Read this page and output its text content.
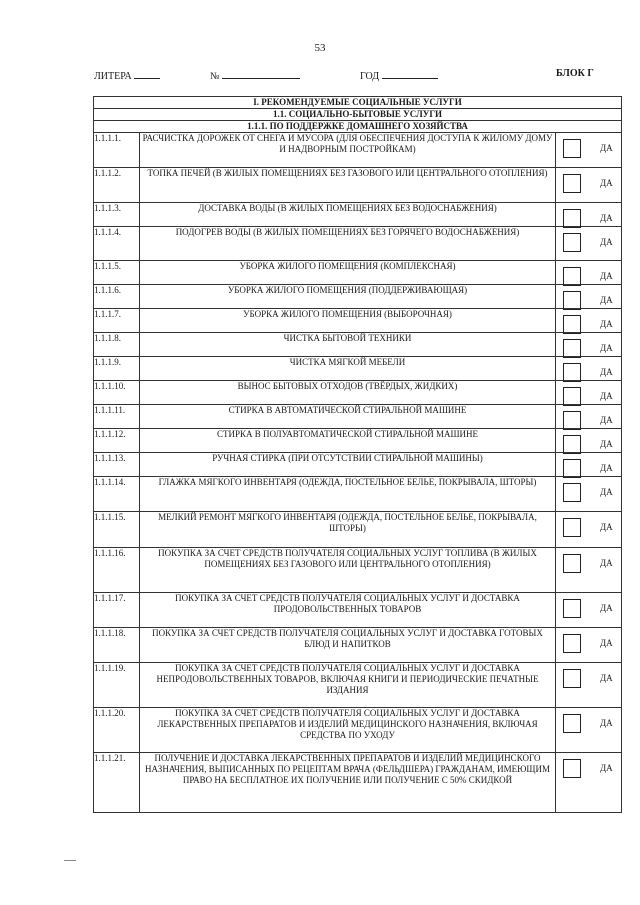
53
ЛИТЕРА	№	ГОД	БЛОК Г
I. РЕКОМЕНДУЕМЫЕ СОЦИАЛЬНЫЕ УСЛУГИ		
1.1. СОЦИАЛЬНО-БЫТОВЫЕ УСЛУГИ		
1.1.1. ПО ПОДДЕРЖКЕ ДОМАШНЕГО ХОЗЯЙСТВА		
1.1.1.1.	РАСЧИСТКА ДОРОЖЕК ОТ СНЕГА И МУСОРА (ДЛЯ ОБЕСПЕЧЕНИЯ ДОСТУПА К ЖИЛОМУ ДОМУ И НАДВОРНЫМ ПОСТРОЙКАМ)	ДА

1.1.1.2.	ТОПКА ПЕЧЕЙ (В ЖИЛЫХ ПОМЕЩЕНИЯХ БЕЗ ГАЗОВОГО ИЛИ ЦЕНТРАЛЬНОГО ОТОПЛЕНИЯ)	ДА

1.1.1.3.	ДОСТАВКА ВОДЫ (В ЖИЛЫХ ПОМЕЩЕНИЯХ БЕЗ ВОДОСНАБЖЕНИЯ)	ДА

1.1.1.4.	ПОДОГРЕВ ВОДЫ (В ЖИЛЫХ ПОМЕЩЕНИЯХ БЕЗ ГОРЯЧЕГО ВОДОСНАБЖЕНИЯ)	ДА

1.1.1.5.	УБОРКА ЖИЛОГО ПОМЕЩЕНИЯ (КОМПЛЕКСНАЯ)	ДА

1.1.1.6.	УБОРКА ЖИЛОГО ПОМЕЩЕНИЯ (ПОДДЕРЖИВАЮЩАЯ)	ДА

1.1.1.7.	УБОРКА ЖИЛОГО ПОМЕЩЕНИЯ (ВЫБОРОЧНАЯ)	ДА

1.1.1.8.	ЧИСТКА БЫТОВОЙ ТЕХНИКИ	ДА

1.1.1.9.	ЧИСТКА МЯГКОЙ МЕБЕЛИ	ДА

1.1.1.10.	ВЫНОС БЫТОВЫХ ОТХОДОВ (ТВЁРДЫХ, ЖИДКИХ)	ДА

1.1.1.11.	СТИРКА В АВТОМАТИЧЕСКОЙ СТИРАЛЬНОЙ МАШИНЕ	ДА

1.1.1.12.	СТИРКА В ПОЛУАВТОМАТИЧЕСКОЙ СТИРАЛЬНОЙ МАШИНЕ	ДА

1.1.1.13.	РУЧНАЯ СТИРКА (ПРИ ОТСУТСТВИИ СТИРАЛЬНОЙ МАШИНЫ)	ДА

1.1.1.14.	ГЛАЖКА МЯГКОГО ИНВЕНТАРЯ (ОДЕЖДА, ПОСТЕЛЬНОЕ БЕЛЬЕ, ПОКРЫВАЛА, ШТОРЫ)	ДА

1.1.1.15.	МЕЛКИЙ РЕМОНТ МЯГКОГО ИНВЕНТАРЯ (ОДЕЖДА, ПОСТЕЛЬНОЕ БЕЛЬЕ, ПОКРЫВАЛА, ШТОРЫ)	ДА

1.1.1.16.	ПОКУПКА ЗА СЧЕТ СРЕДСТВ ПОЛУЧАТЕЛЯ СОЦИАЛЬНЫХ УСЛУГ ТОПЛИВА (В ЖИЛЫХ ПОМЕЩЕНИЯХ БЕЗ ГАЗОВОГО ИЛИ ЦЕНТРАЛЬНОГО ОТОПЛЕНИЯ)	ДА

1.1.1.17.	ПОКУПКА ЗА СЧЕТ СРЕДСТВ ПОЛУЧАТЕЛЯ СОЦИАЛЬНЫХ УСЛУГ И ДОСТАВКА ПРОДОВОЛЬСТВЕННЫХ ТОВАРОВ	ДА

1.1.1.18.	ПОКУПКА ЗА СЧЕТ СРЕДСТВ ПОЛУЧАТЕЛЯ СОЦИАЛЬНЫХ УСЛУГ И ДОСТАВКА ГОТОВЫХ БЛЮД И НАПИТКОВ	ДА

1.1.1.19.	ПОКУПКА ЗА СЧЕТ СРЕДСТВ ПОЛУЧАТЕЛЯ СОЦИАЛЬНЫХ УСЛУГ И ДОСТАВКА НЕПРОДОВОЛЬСТВЕННЫХ ТОВАРОВ, ВКЛЮЧАЯ КНИГИ И ПЕРИОДИЧЕСКИЕ ПЕЧАТНЫЕ ИЗДАНИЯ	ДА

1.1.1.20.	ПОКУПКА ЗА СЧЕТ СРЕДСТВ ПОЛУЧАТЕЛЯ СОЦИАЛЬНЫХ УСЛУГ И ДОСТАВКА ЛЕКАРСТВЕННЫХ ПРЕПАРАТОВ И ИЗДЕЛИЙ МЕДИЦИНСКОГО НАЗНАЧЕНИЯ, ВКЛЮЧАЯ СРЕДСТВА ПО УХОДУ	ДА

1.1.1.21.	ПОЛУЧЕНИЕ И ДОСТАВКА ЛЕКАРСТВЕННЫХ ПРЕПАРАТОВ И ИЗДЕЛИЙ МЕДИЦИНСКОГО НАЗНАЧЕНИЯ, ВЫПИСАННЫХ ПО РЕЦЕПТАМ ВРАЧА (ФЕЛЬДШЕРА) ГРАЖДАНАМ, ИМЕЮЩИМ ПРАВО НА БЕСПЛАТНОЕ ИХ ПОЛУЧЕНИЕ ИЛИ ПОЛУЧЕНИЕ С 50% СКИДКОЙ	ДА
